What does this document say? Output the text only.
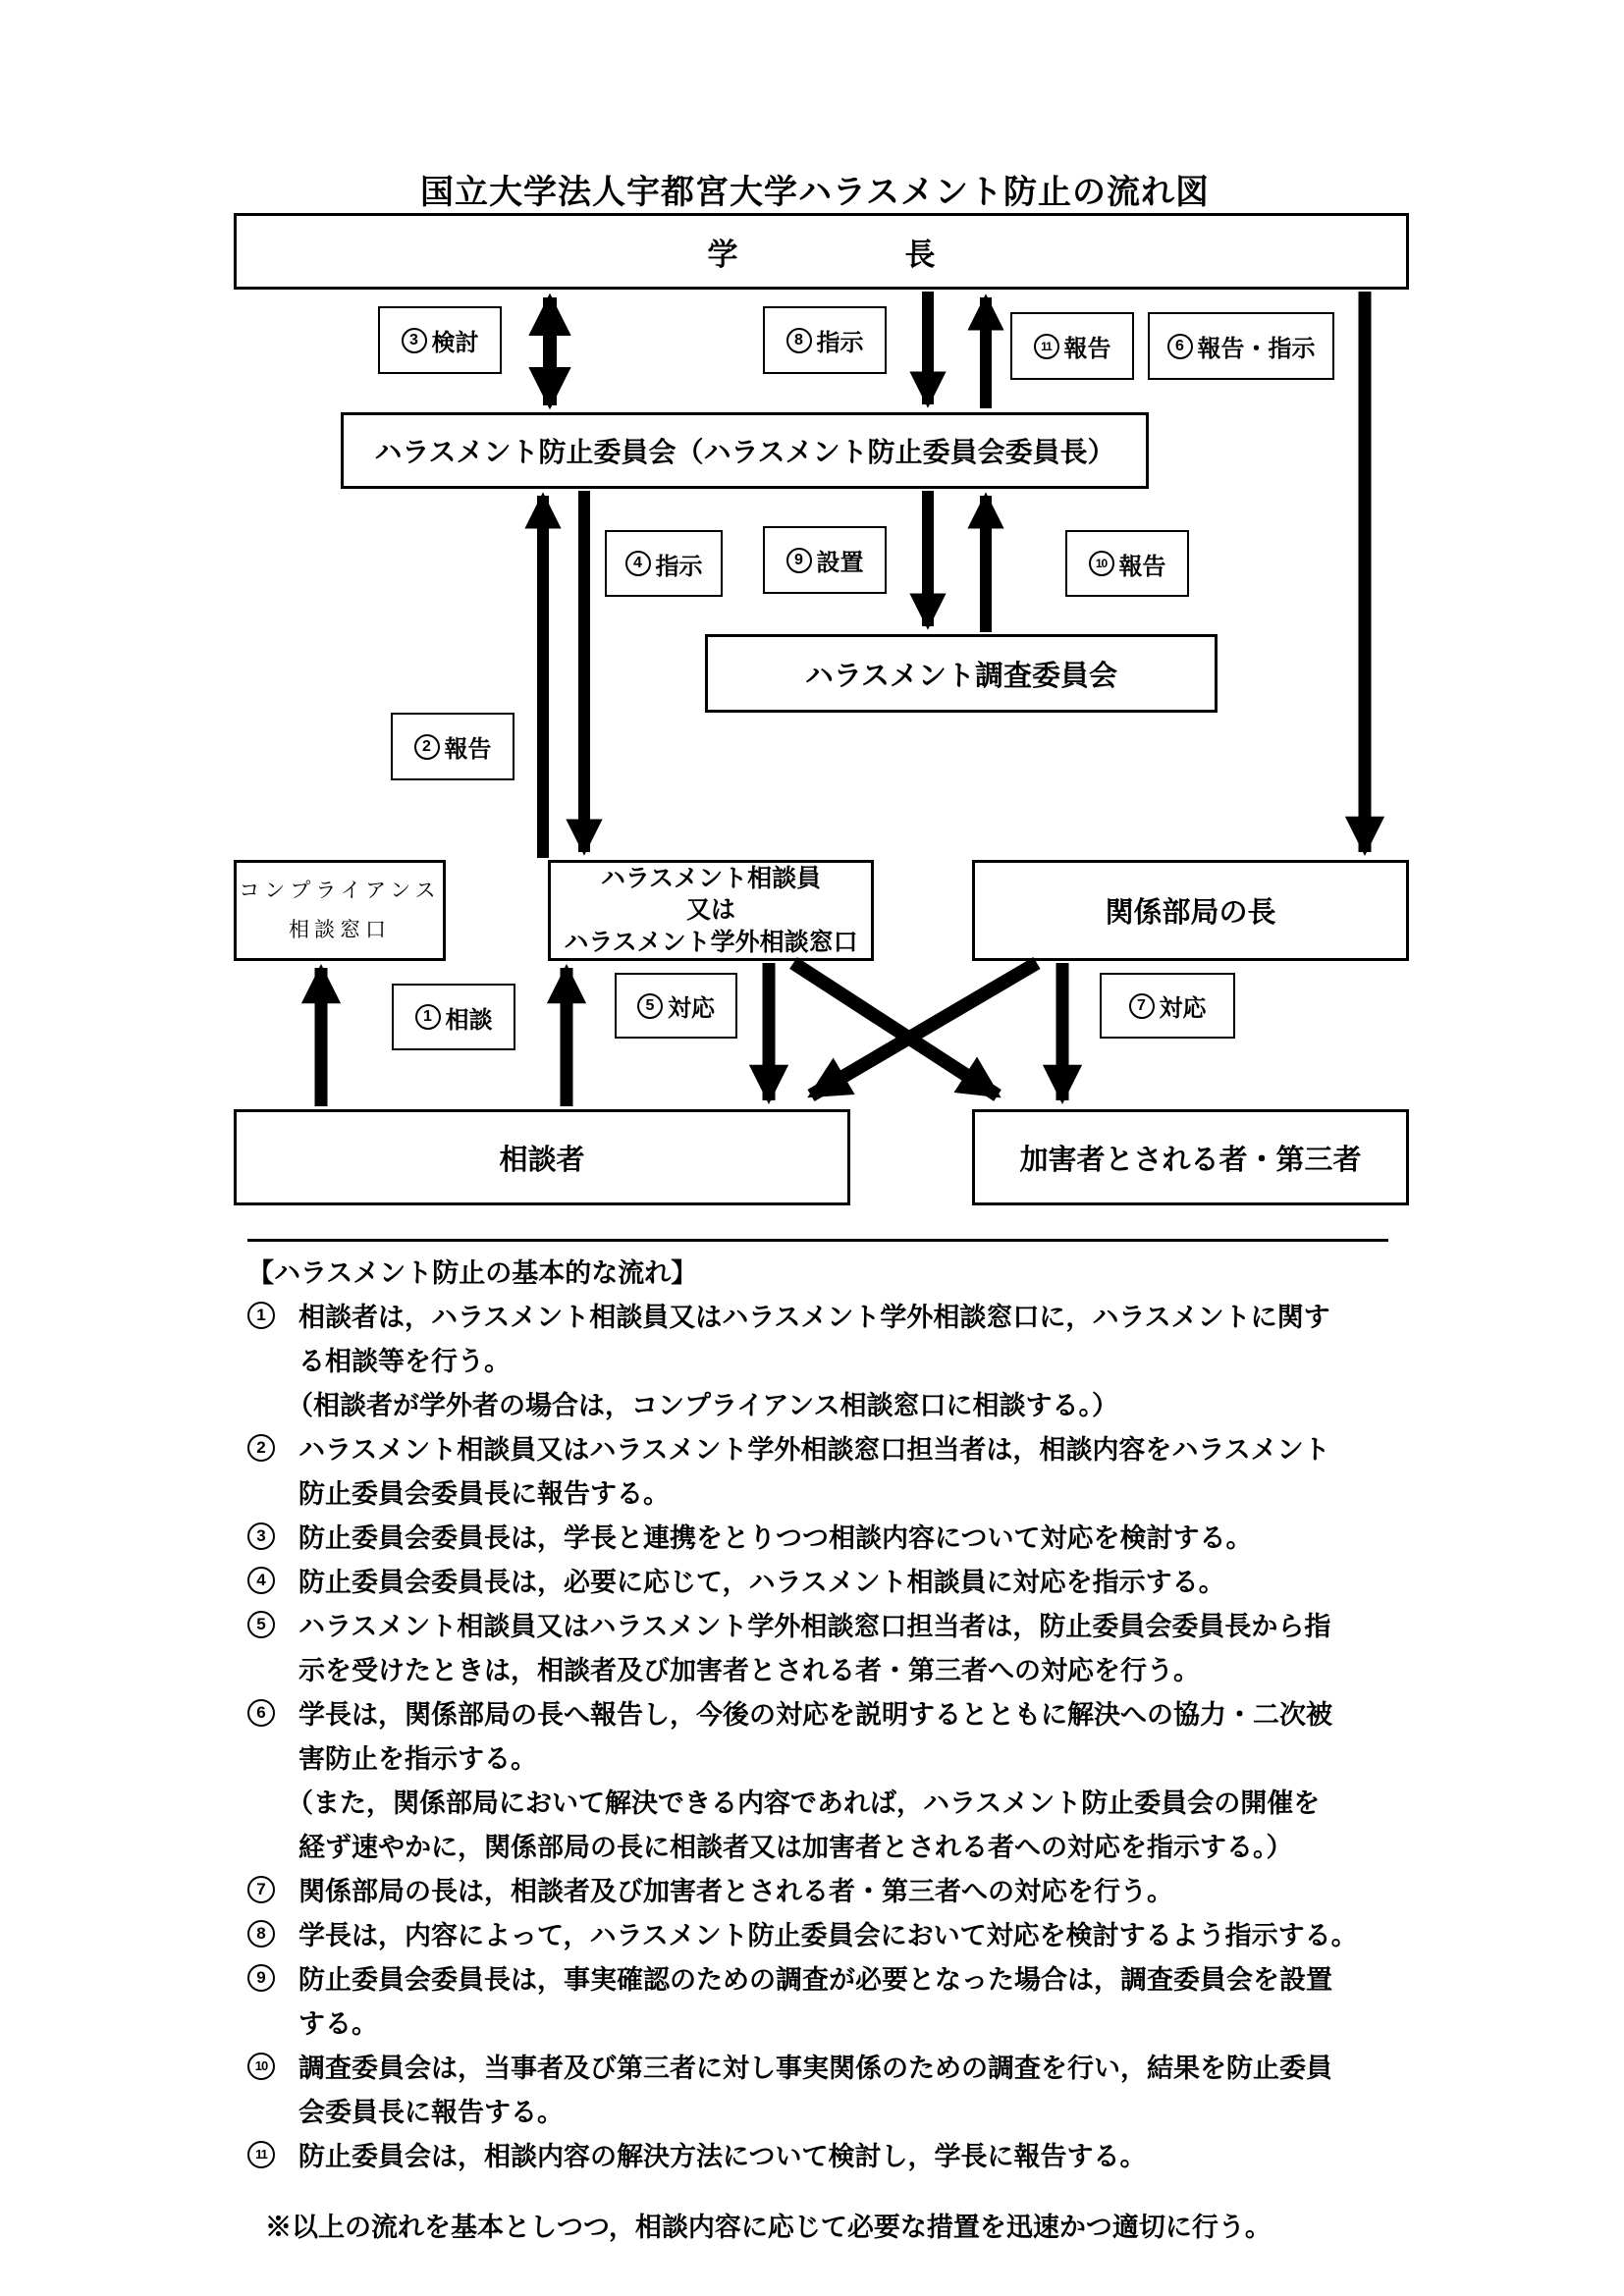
国立大学法人宇都宮大学ハラスメント防止の流れ図
学	長
ハラスメント防止委員会（ハラスメント防止委員会委員長）
ハラスメント調査委員会
コンプライアンス
相談窓口
ハラスメント相談員
又は
ハラスメント学外相談窓口
関係部局の長
相談者	加害者とされる者・第三者
3 検討	8 指示	11 報告	6 報告・指示
4 指示	9 設置	10 報告
2 報告
1 相談
5 対応	7 対応
【ハラスメント防止の基本的な流れ】
1	相談者は，ハラスメント相談員又はハラスメント学外相談窓口に，ハラスメントに関す
る相談等を行う。
（相談者が学外者の場合は，コンプライアンス相談窓口に相談する。）
2	ハラスメント相談員又はハラスメント学外相談窓口担当者は，相談内容をハラスメント
防止委員会委員長に報告する。
3	防止委員会委員長は，学長と連携をとりつつ相談内容について対応を検討する。
4	防止委員会委員長は，必要に応じて，ハラスメント相談員に対応を指示する。
5	ハラスメント相談員又はハラスメント学外相談窓口担当者は，防止委員会委員長から指
示を受けたときは，相談者及び加害者とされる者・第三者への対応を行う。
6	学長は，関係部局の長へ報告し，今後の対応を説明するとともに解決への協力・二次被
害防止を指示する。
（また，関係部局において解決できる内容であれば，ハラスメント防止委員会の開催を
経ず速やかに，関係部局の長に相談者又は加害者とされる者への対応を指示する。）
7	関係部局の長は，相談者及び加害者とされる者・第三者への対応を行う。
8	学長は，内容によって，ハラスメント防止委員会において対応を検討するよう指示する。
9	防止委員会委員長は，事実確認のための調査が必要となった場合は，調査委員会を設置
する。
10 調査委員会は，当事者及び第三者に対し事実関係のための調査を行い，結果を防止委員
会委員長に報告する。
11	防止委員会は，相談内容の解決方法について検討し，学長に報告する。
※以上の流れを基本としつつ，相談内容に応じて必要な措置を迅速かつ適切に行う。
